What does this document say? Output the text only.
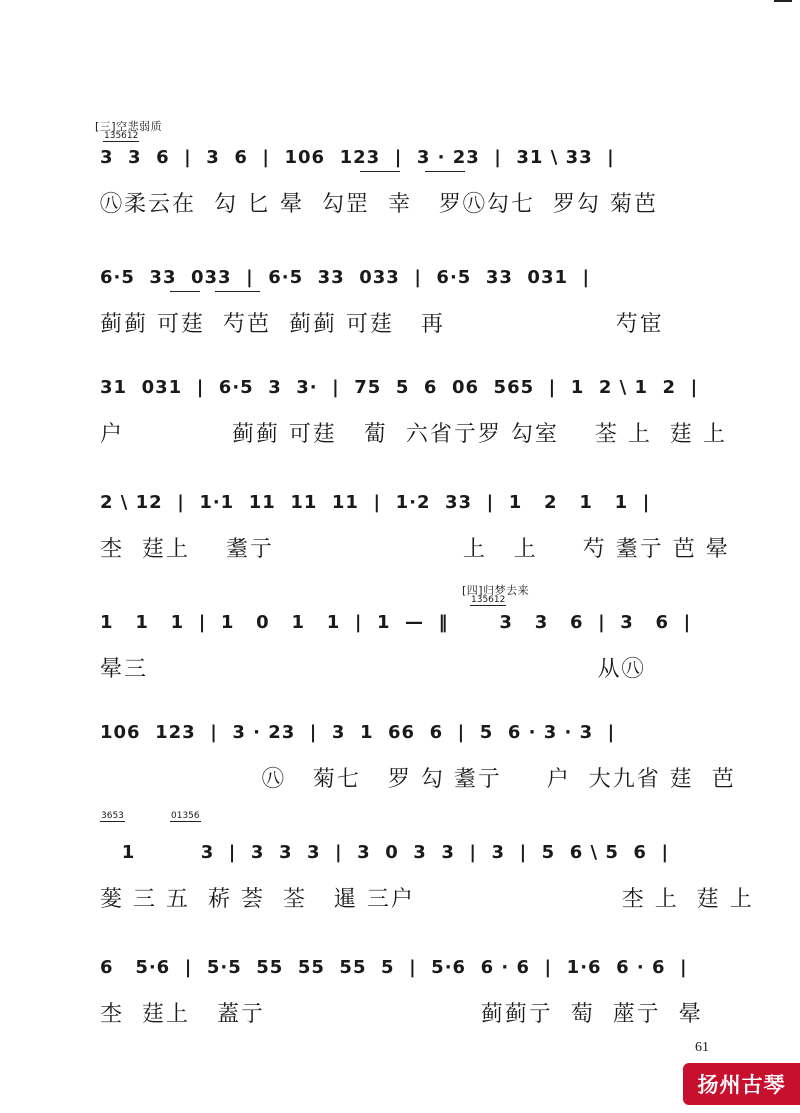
[三]空悲弱质
135612
[四]归梦去来
135612
3653	01356
3  3  6  |  3  6  |  106  123  |  3 · 23  |  31 \ 33  |
㊇柔云在  勾 匕 晕  勾罡  幸   罗㊇勾七  罗勾 菊芭
6·5  33  033  |  6·5  33  033  |  6·5  33  031  |
蓟蓟 可莛  芍芭  蓟蓟 可莛   再                   芍宦
31  031  |  6·5  3  3·  |  75  5  6  06  565  |  1  2 \ 1  2  |
户            蓟蓟 可莛   蔔  六省亍罗 勾室    荃 上  莛 上
2 \ 12  |  1·1  11  11  11  |  1·2  33  |  1   2   1   1  |
杢  莛上    耋亍                     上   上     芍 耋亍 芭 晕
1   1   1  |  1   0   1   1  |  1  —  ‖       3   3   6  |  3   6  |
晕三                                                  从㊇
106  123  |  3 · 23  |  3  1  66  6  |  5  6 · 3 · 3  |
㊇   菊七   罗 勾 耋亍     户  大九省 莛  芭
1         3  |  3  3  3  |  3  0  3  3  |  3  |  5  6 \ 5  6  |
蓌 三 五  菥 荟  荃   暹 三户                       杢 上  莛 上
6   5·6  |  5·5  55  55  55  5  |  5·6  6 · 6  |  1·6  6 · 6  |
杢  莛上   蓋亍                        蓟蓟亍  萄  蓙亍  晕
61
扬州古琴
